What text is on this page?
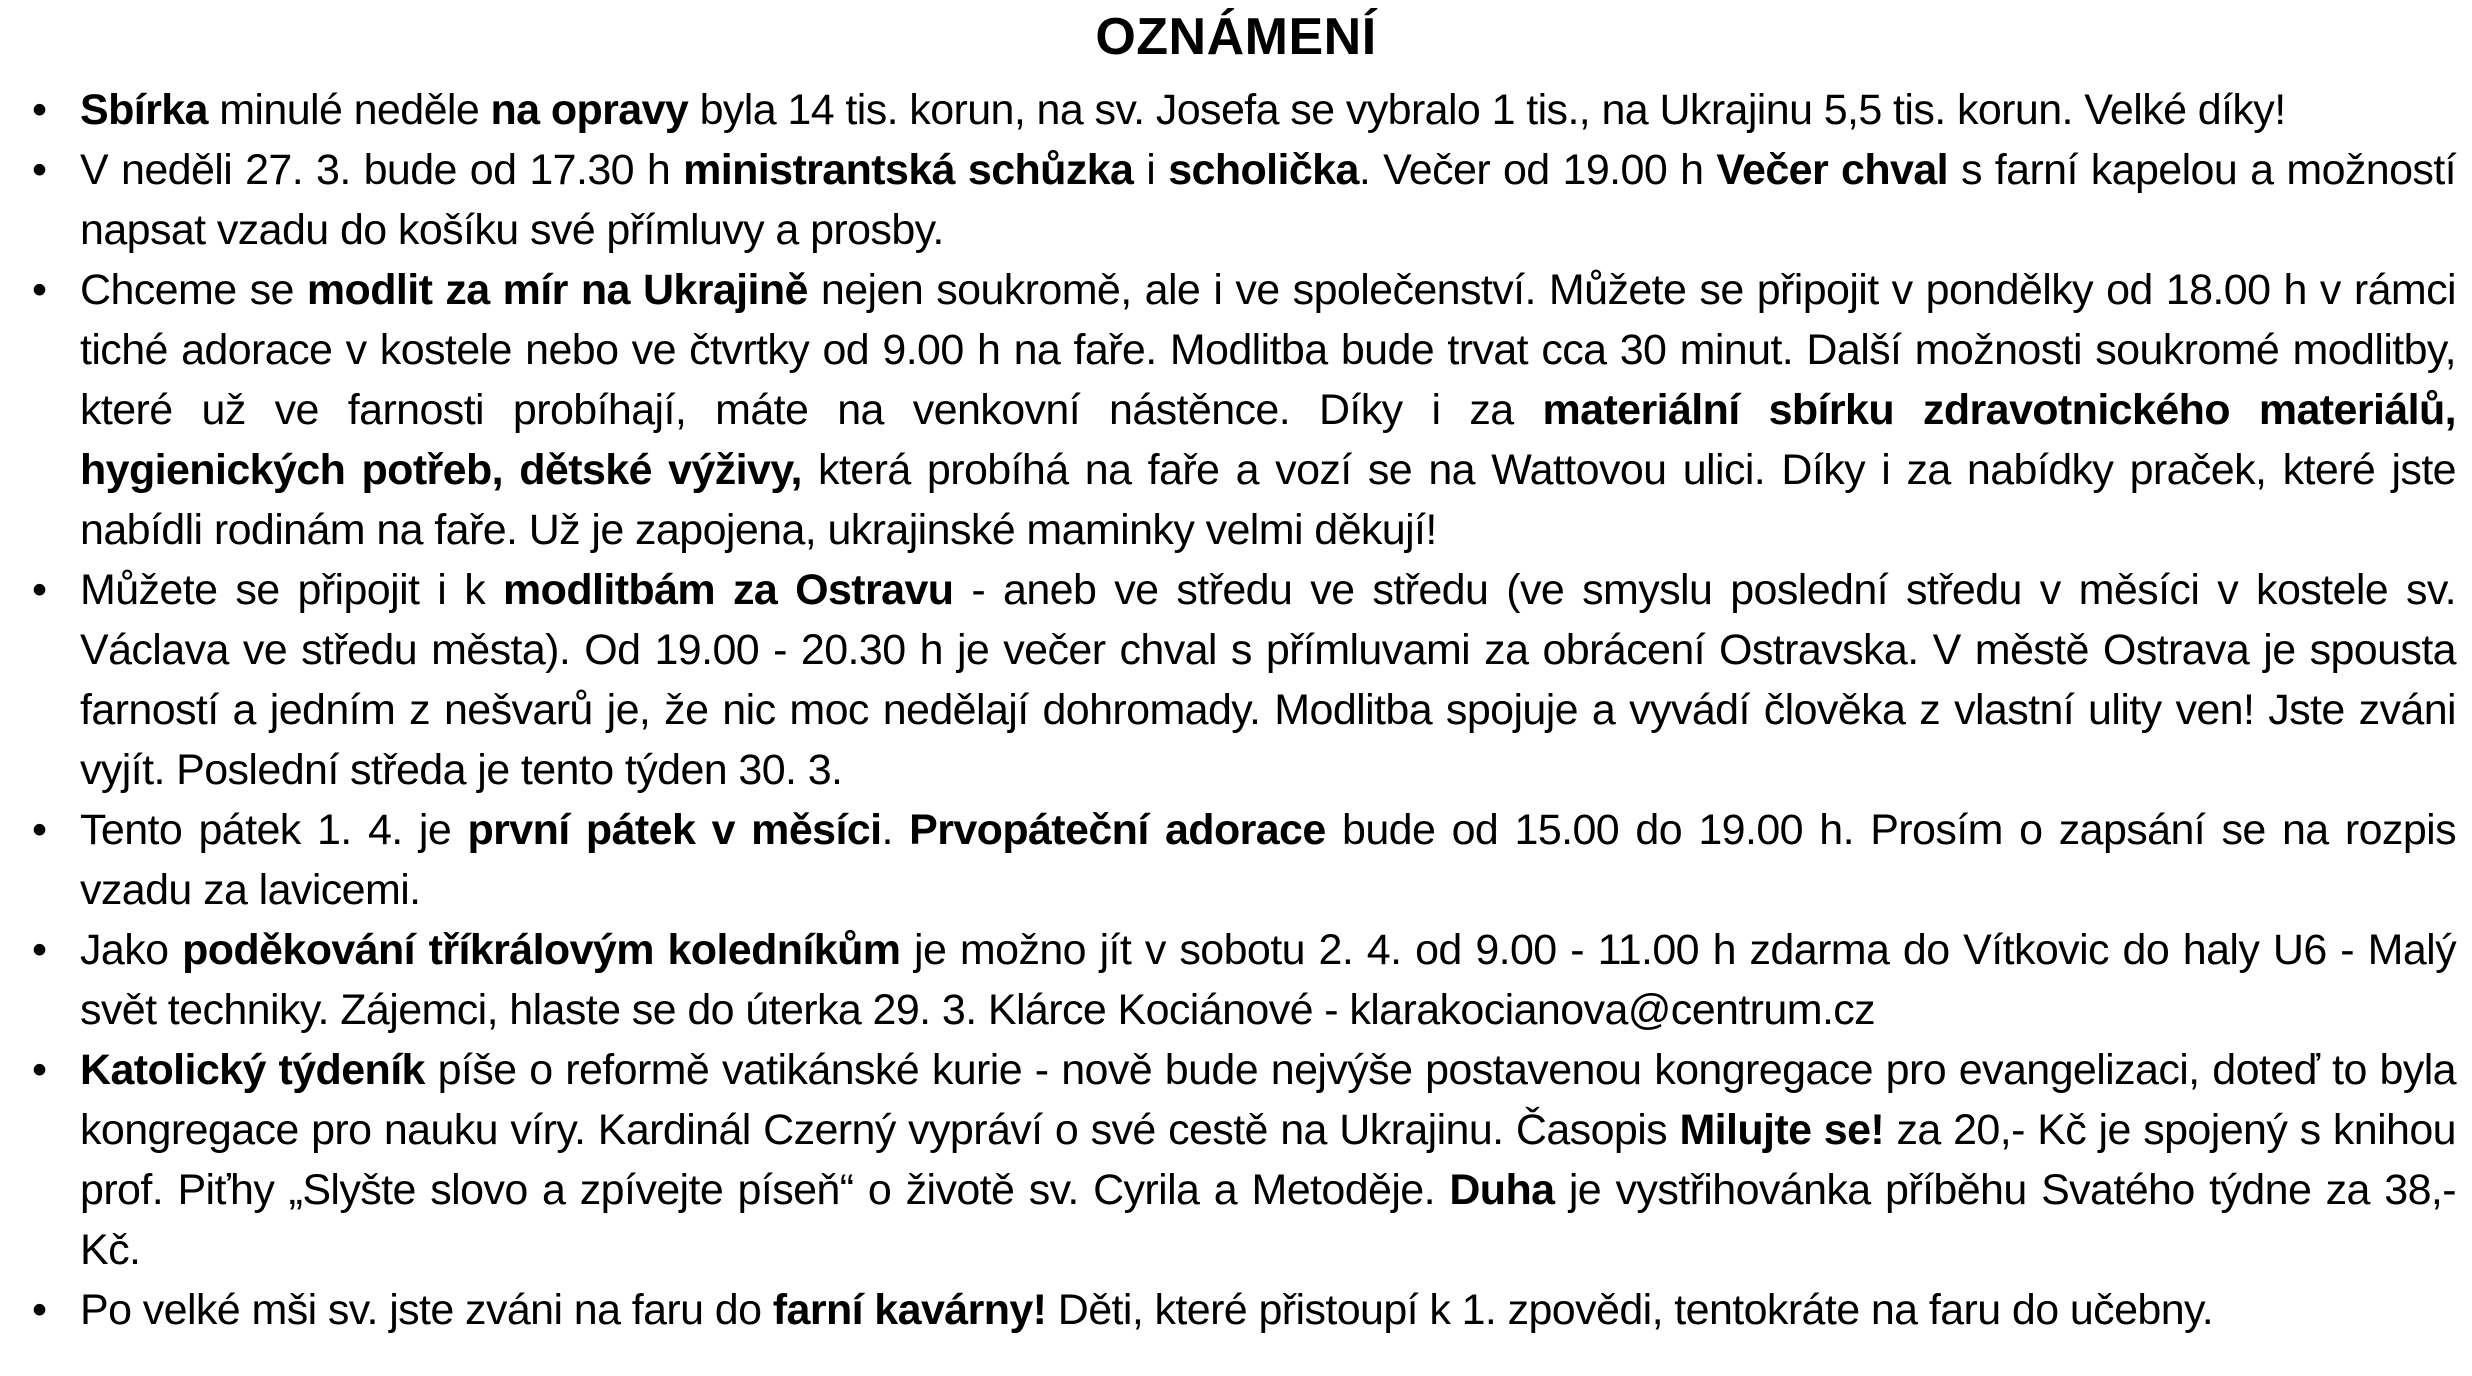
OZNÁMENÍ
• Sbírka minulé neděle na opravy byla 14 tis. korun, na sv. Josefa se vybralo 1 tis., na Ukrajinu 5,5 tis. korun. Velké díky!
• V neděli 27. 3. bude od 17.30 h ministrantská schůzka i scholička. Večer od 19.00 h Večer chval s farní kapelou a možností napsat vzadu do košíku své přímluvy a prosby.
• Chceme se modlit za mír na Ukrajině nejen soukromě, ale i ve společenství. Můžete se připojit v pondělky od 18.00 h v rámci tiché adorace v kostele nebo ve čtvrtky od 9.00 h na faře. Modlitba bude trvat cca 30 minut. Další možnosti soukromé modlitby, které už ve farnosti probíhají, máte na venkovní nástěnce. Díky i za materiální sbírku zdravotnického materiálů, hygienických potřeb, dětské výživy, která probíhá na faře a vozí se na Wattovou ulici. Díky i za nabídky praček, které jste nabídli rodinám na faře. Už je zapojena, ukrajinské maminky velmi děkují!
• Můžete se připojit i k modlitbám za Ostravu - aneb ve středu ve středu (ve smyslu poslední středu v měsíci v kostele sv. Václava ve středu města). Od 19.00 - 20.30 h je večer chval s přímluvami za obrácení Ostravska. V městě Ostrava je spousta farností a jedním z nešvarů je, že nic moc nedělají dohromady. Modlitba spojuje a vyvádí člověka z vlastní ulity ven! Jste zváni vyjít. Poslední středa je tento týden 30. 3.
• Tento pátek 1. 4. je první pátek v měsíci. Prvopáteční adorace bude od 15.00 do 19.00 h. Prosím o zapsání se na rozpis vzadu za lavicemi.
• Jako poděkování tříkrálovým koledníkům je možno jít v sobotu 2. 4. od 9.00 - 11.00 h zdarma do Vítkovic do haly U6 - Malý svět techniky. Zájemci, hlaste se do úterka 29. 3. Klárce Kociánové - klarakocianova@centrum.cz
• Katolický týdeník píše o reformě vatikánské kurie - nově bude nejvýše postavenou kongregace pro evangelizaci, doteď to byla kongregace pro nauku víry. Kardinál Czerný vypráví o své cestě na Ukrajinu. Časopis Milujte se! za 20,- Kč je spojený s knihou prof. Piťhy „Slyšte slovo a zpívejte píseň“ o životě sv. Cyrila a Metoděje. Duha je vystřihovánka příběhu Svatého týdne za 38,- Kč.
• Po velké mši sv. jste zváni na faru do farní kavárny! Děti, které přistoupí k 1. zpovědi, tentokráte na faru do učebny.
